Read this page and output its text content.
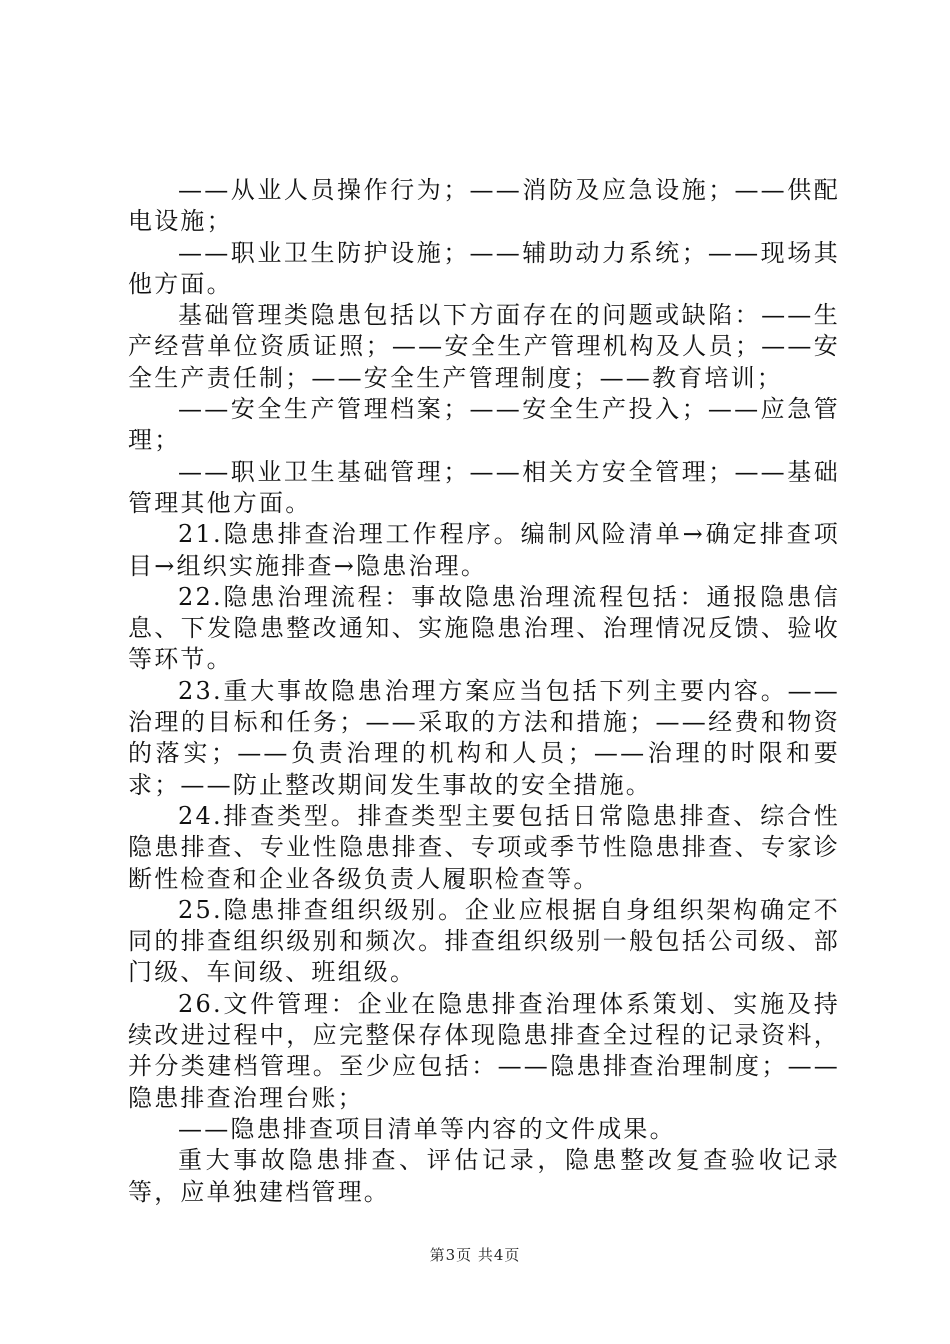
——从业人员操作行为；——消防及应急设施；——供配电设施；

——职业卫生防护设施；——辅助动力系统；——现场其他方面。

基础管理类隐患包括以下方面存在的问题或缺陷：——生产经营单位资质证照；——安全生产管理机构及人员；——安全生产责任制；——安全生产管理制度；——教育培训；

——安全生产管理档案；——安全生产投入；——应急管理；

——职业卫生基础管理；——相关方安全管理；——基础管理其他方面。

21.隐患排查治理工作程序。编制风险清单→确定排查项目→组织实施排查→隐患治理。

22.隐患治理流程：事故隐患治理流程包括：通报隐患信息、下发隐患整改通知、实施隐患治理、治理情况反馈、验收等环节。

23.重大事故隐患治理方案应当包括下列主要内容。——治理的目标和任务；——采取的方法和措施；——经费和物资的落实；——负责治理的机构和人员；——治理的时限和要求；——防止整改期间发生事故的安全措施。

24.排查类型。排查类型主要包括日常隐患排查、综合性隐患排查、专业性隐患排查、专项或季节性隐患排查、专家诊断性检查和企业各级负责人履职检查等。

25.隐患排查组织级别。企业应根据自身组织架构确定不同的排查组织级别和频次。排查组织级别一般包括公司级、部门级、车间级、班组级。

26.文件管理：企业在隐患排查治理体系策划、实施及持续改进过程中，应完整保存体现隐患排查全过程的记录资料，并分类建档管理。至少应包括：——隐患排查治理制度；——隐患排查治理台账；

——隐患排查项目清单等内容的文件成果。

重大事故隐患排查、评估记录，隐患整改复查验收记录等，应单独建档管理。

第3页 共4页
